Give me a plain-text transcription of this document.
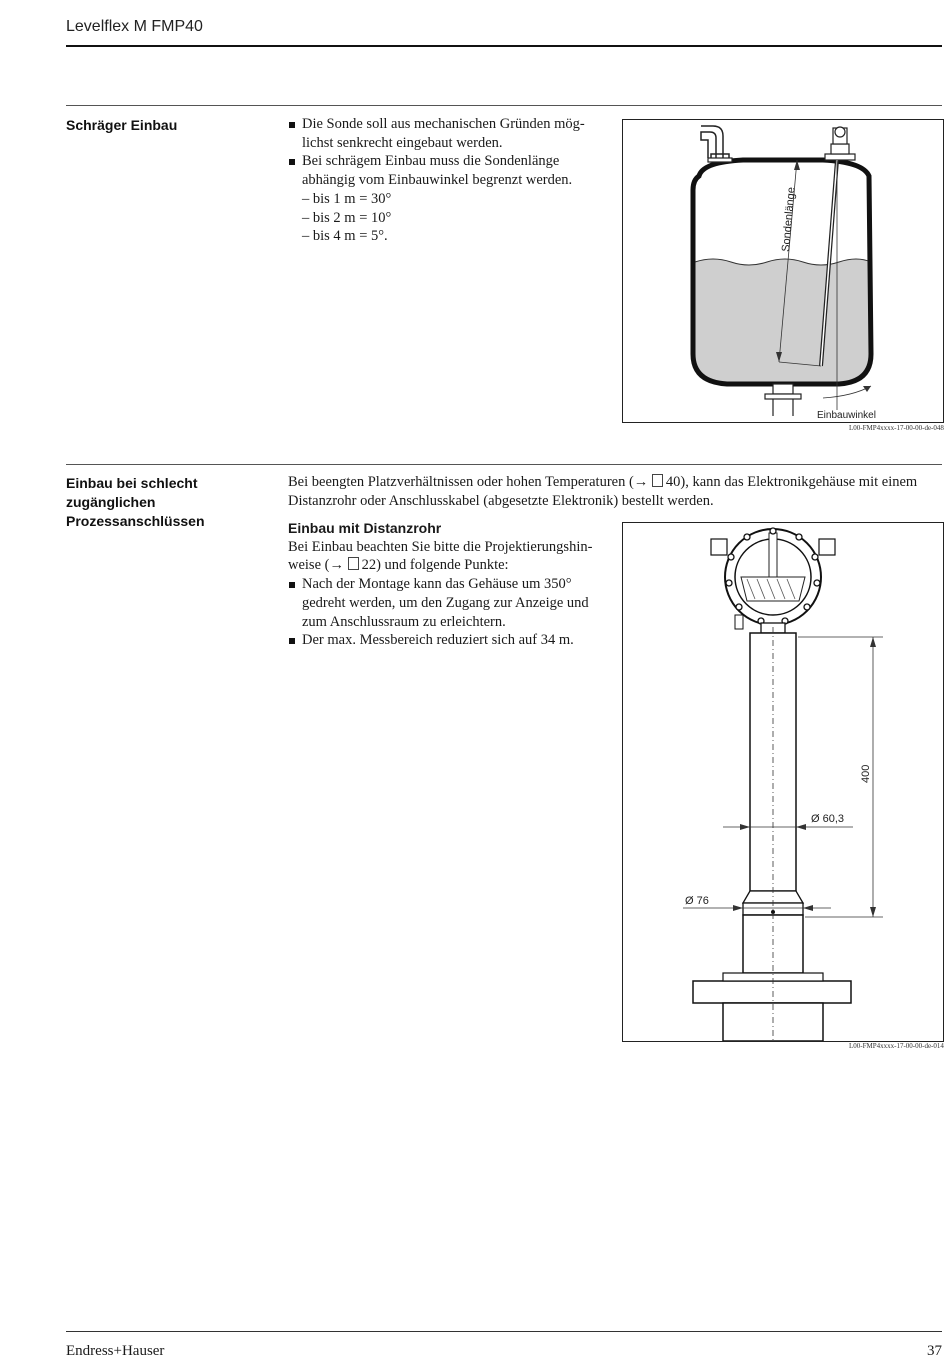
Levelflex M FMP40
Schräger Einbau	Die Sonde soll aus mechanischen Gründen mög-
lichst senkrecht eingebaut werden.
Bei schrägem Einbau muss die Sondenlänge
abhängig vom Einbauwinkel begrenzt werden.
– bis 1 m = 30°
– bis 2 m = 10°
– bis 4 m = 5°.	Sondenlänge
Einbauwinkel
L00-FMP4xxxx-17-00-00-de-048
Einbau bei schlecht
zugänglichen
Prozessanschlüssen
Bei beengten Platzverhältnissen oder hohen Temperaturen (→ 40), kann das Elektronikgehäuse mit einem
Distanzrohr oder Anschlusskabel (abgesetzte Elektronik) bestellt werden.
Einbau mit Distanzrohr
Bei Einbau beachten Sie bitte die Projektierungshin-
weise (→ 22) und folgende Punkte:
Nach der Montage kann das Gehäuse um 350°
gedreht werden, um den Zugang zur Anzeige und
zum Anschlussraum zu erleichtern.
Der max. Messbereich reduziert sich auf 34 m.
400
Ø 60,3
Ø 76
L00-FMP4xxxx-17-00-00-de-014
Endress+Hauser	37
